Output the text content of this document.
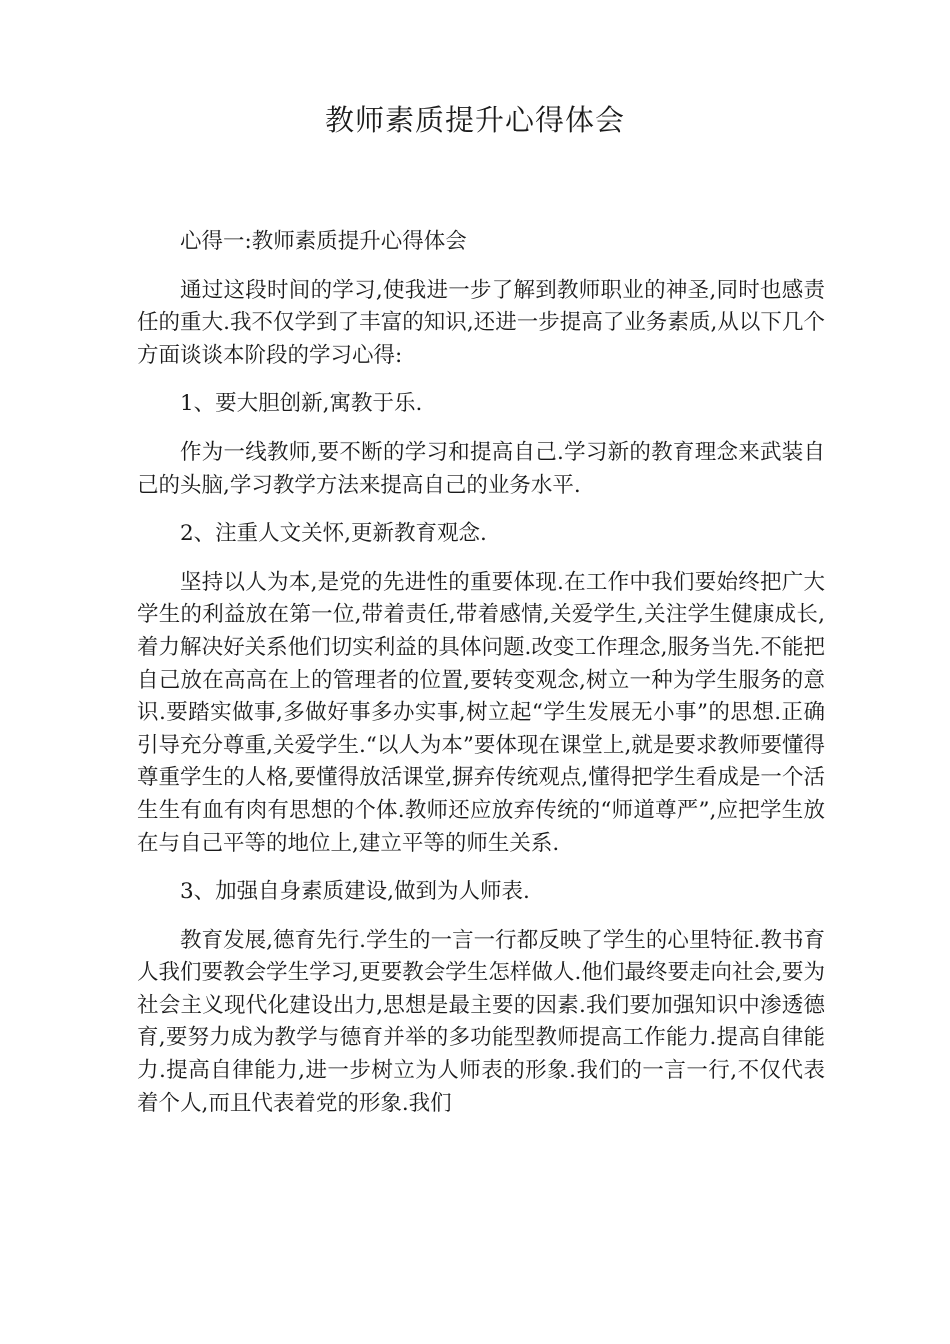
教师素质提升心得体会

心得一:教师素质提升心得体会

通过这段时间的学习,使我进一步了解到教师职业的神圣,同时也感责任的重大.我不仅学到了丰富的知识,还进一步提高了业务素质,从以下几个方面谈谈本阶段的学习心得:

1、要大胆创新,寓教于乐.

作为一线教师,要不断的学习和提高自己.学习新的教育理念来武装自己的头脑,学习教学方法来提高自己的业务水平.

2、注重人文关怀,更新教育观念.

坚持以人为本,是党的先进性的重要体现.在工作中我们要始终把广大学生的利益放在第一位,带着责任,带着感情,关爱学生,关注学生健康成长,着力解决好关系他们切实利益的具体问题.改变工作理念,服务当先.不能把自己放在高高在上的管理者的位置,要转变观念,树立一种为学生服务的意识.要踏实做事,多做好事多办实事,树立起“学生发展无小事”的思想.正确引导充分尊重,关爱学生.“以人为本”要体现在课堂上,就是要求教师要懂得尊重学生的人格,要懂得放活课堂,摒弃传统观点,懂得把学生看成是一个活生生有血有肉有思想的个体.教师还应放弃传统的“师道尊严”,应把学生放在与自己平等的地位上,建立平等的师生关系.

3、加强自身素质建设,做到为人师表.

教育发展,德育先行.学生的一言一行都反映了学生的心里特征.教书育人我们要教会学生学习,更要教会学生怎样做人.他们最终要走向社会,要为社会主义现代化建设出力,思想是最主要的因素.我们要加强知识中渗透德育,要努力成为教学与德育并举的多功能型教师提高工作能力.提高自律能力.提高自律能力,进一步树立为人师表的形象.我们的一言一行,不仅代表着个人,而且代表着党的形象.我们
